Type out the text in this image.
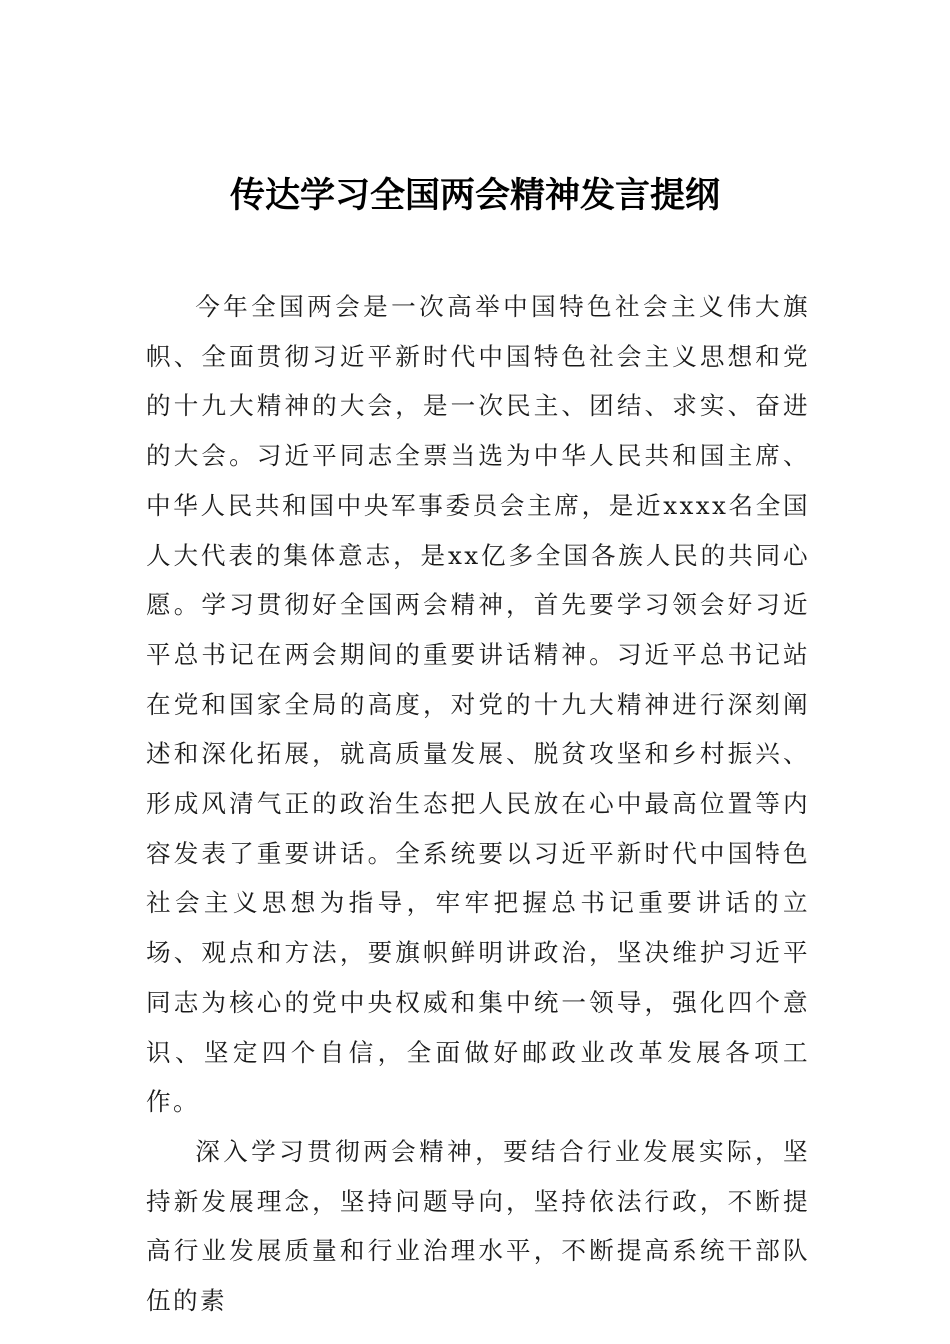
传达学习全国两会精神发言提纲

今年全国两会是一次高举中国特色社会主义伟大旗帜、全面贯彻习近平新时代中国特色社会主义思想和党的十九大精神的大会，是一次民主、团结、求实、奋进的大会。习近平同志全票当选为中华人民共和国主席、中华人民共和国中央军事委员会主席，是近xxxx名全国人大代表的集体意志，是xx亿多全国各族人民的共同心愿。学习贯彻好全国两会精神，首先要学习领会好习近平总书记在两会期间的重要讲话精神。习近平总书记站在党和国家全局的高度，对党的十九大精神进行深刻阐述和深化拓展，就高质量发展、脱贫攻坚和乡村振兴、形成风清气正的政治生态把人民放在心中最高位置等内容发表了重要讲话。全系统要以习近平新时代中国特色社会主义思想为指导，牢牢把握总书记重要讲话的立场、观点和方法，要旗帜鲜明讲政治，坚决维护习近平同志为核心的党中央权威和集中统一领导，强化四个意识、坚定四个自信，全面做好邮政业改革发展各项工作。

深入学习贯彻两会精神，要结合行业发展实际，坚持新发展理念，坚持问题导向，坚持依法行政，不断提高行业发展质量和行业治理水平，不断提高系统干部队伍的素
